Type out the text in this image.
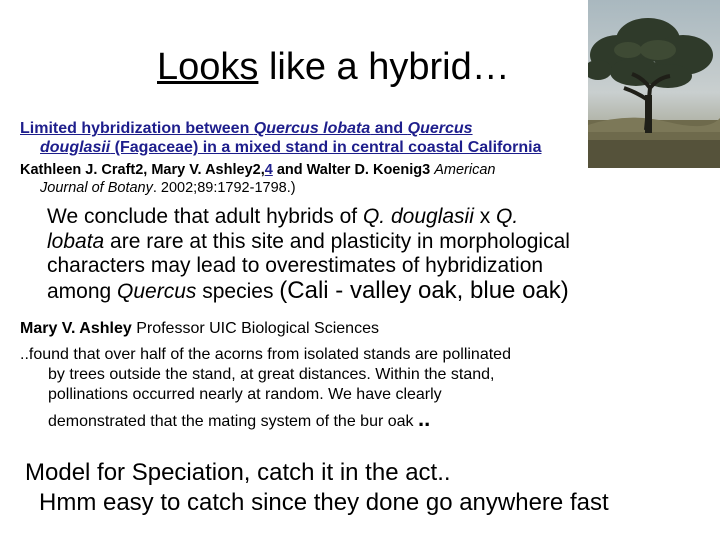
Looks like a hybrid…
Limited hybridization between Quercus lobata and Quercus
douglasii (Fagaceae) in a mixed stand in central coastal California
Kathleen J. Craft2, Mary V. Ashley2,4 and Walter D. Koenig3 American
Journal of Botany. 2002;89:1792-1798.)
We conclude that adult hybrids of Q. douglasii x Q.
lobata are rare at this site and plasticity in morphological
characters may lead to overestimates of hybridization
among Quercus species (Cali - valley oak, blue oak)
Mary V. Ashley Professor UIC Biological Sciences
..found that over half of the acorns from isolated stands are pollinated
by trees outside the stand, at great distances. Within the stand,
pollinations occurred nearly at random. We have clearly
demonstrated that the mating system of the bur oak ..
Model for Speciation, catch it in the act..
Hmm easy to catch since they done go anywhere fast
